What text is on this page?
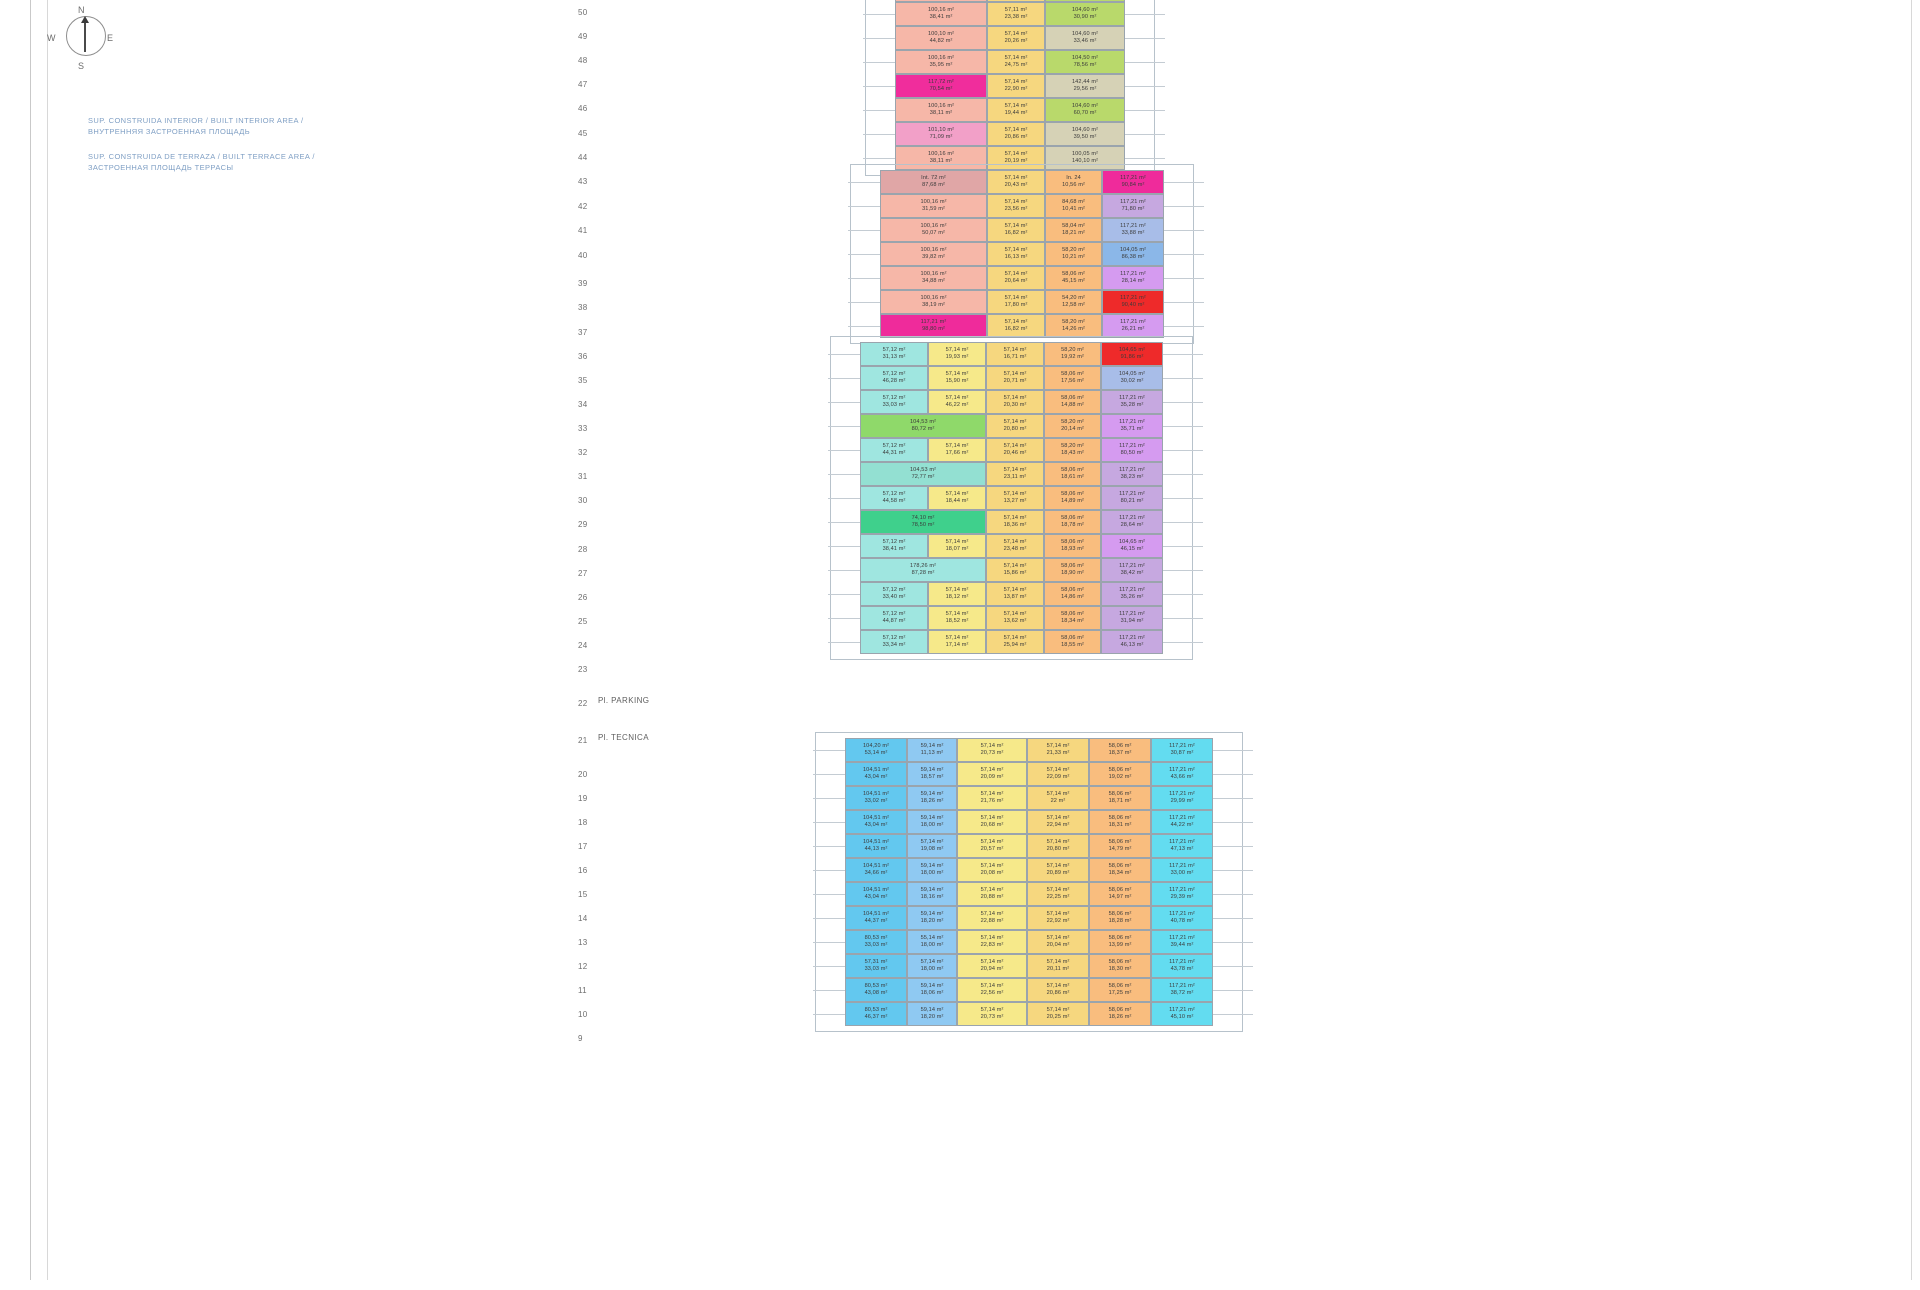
N
S
W	E
SUP. CONSTRUIDA INTERIOR / BUILT INTERIOR AREA /
ВНУТРЕННЯЯ ЗАСТРОЕННАЯ ПЛОЩАДЬ
SUP. CONSTRUIDA DE TERRAZA / BUILT TERRACE AREA /
ЗАСТРОЕННАЯ ПЛОЩАДЬ ТЕРРАСЫ
50
49
48
47
46
45
44
43
42
41
40
39
38
37
36
35
34
33
32
31
30
29
28
27
26
25
24
23
22
21
20
19
18
17
16
15
14
13
12
11
10
9
Pl. PARKING
Pl. TECNICA
100,16 m²
38,41 m²
57,11 m²
23,38 m²
104,60 m²
30,90 m²
100,10 m²
44,82 m²
57,14 m²
20,26 m²
104,60 m²
33,46 m²
100,16 m²
35,95 m²
57,14 m²
24,75 m²
104,50 m²
78,56 m²
117,72 m²
70,54 m²
57,14 m²
22,90 m²
142,44 m²
29,56 m²
100,16 m²
38,11 m²
57,14 m²
19,44 m²
104,60 m²
60,70 m²
101,10 m²
71,09 m²
57,14 m²
20,86 m²
104,60 m²
39,50 m²
100,16 m²
38,11 m²
57,14 m²
20,19 m²
100,05 m²
140,10 m²
Int. 72 m²
87,68 m²
57,14 m²
20,43 m²
In. 24
10,56 m²
117,21 m²
90,84 m²
100,16 m²
31,59 m²
57,14 m²
23,56 m²
84,68 m²
10,41 m²
117,21 m²
71,80 m²
100,16 m²
50,07 m²
57,14 m²
16,82 m²
58,04 m²
18,21 m²
117,21 m²
33,88 m²
100,16 m²
39,82 m²
57,14 m²
16,13 m²
58,20 m²
10,21 m²
104,05 m²
86,38 m²
100,16 m²
34,88 m²
57,14 m²
20,64 m²
58,06 m²
45,15 m²
117,21 m²
28,14 m²
100,16 m²
38,19 m²
57,14 m²
17,80 m²
54,20 m²
12,58 m²
117,21 m²
90,40 m²
117,21 m²
98,80 m²
57,14 m²
16,82 m²
58,20 m²
14,26 m²
117,21 m²
26,21 m²
57,12 m²
31,13 m²
57,14 m²
19,93 m²
57,14 m²
16,71 m²
58,20 m²
19,92 m²
104,65 m²
91,86 m²
57,12 m²
46,28 m²
57,14 m²
15,90 m²
57,14 m²
20,71 m²
58,06 m²
17,56 m²
104,05 m²
30,02 m²
57,12 m²
33,03 m²
57,14 m²
46,22 m²
57,14 m²
20,30 m²
58,06 m²
14,88 m²
117,21 m²
35,28 m²
104,53 m²
80,72 m²
57,14 m²
20,80 m²
58,20 m²
20,14 m²
117,21 m²
35,71 m²
57,12 m²
44,31 m²
57,14 m²
17,66 m²
57,14 m²
20,46 m²
58,20 m²
18,43 m²
117,21 m²
80,50 m²
104,53 m²
72,77 m²
57,14 m²
23,11 m²
58,06 m²
18,61 m²
117,21 m²
38,23 m²
57,12 m²
44,58 m²
57,14 m²
18,44 m²
57,14 m²
13,27 m²
58,06 m²
14,89 m²
117,21 m²
80,21 m²
74,10 m²
78,50 m²
57,14 m²
18,36 m²
58,06 m²
18,78 m²
117,21 m²
28,64 m²
57,12 m²
38,41 m²
57,14 m²
18,07 m²
57,14 m²
23,48 m²
58,06 m²
18,93 m²
104,65 m²
46,15 m²
178,26 m²
87,28 m²
57,14 m²
15,86 m²
58,06 m²
18,90 m²
117,21 m²
38,42 m²
57,12 m²
33,40 m²
57,14 m²
18,12 m²
57,14 m²
13,87 m²
58,06 m²
14,86 m²
117,21 m²
35,26 m²
57,12 m²
44,87 m²
57,14 m²
18,52 m²
57,14 m²
13,62 m²
58,06 m²
18,34 m²
117,21 m²
31,94 m²
57,12 m²
33,34 m²
57,14 m²
17,14 m²
57,14 m²
25,94 m²
58,06 m²
18,55 m²
117,21 m²
46,13 m²
104,20 m²
53,14 m²
59,14 m²
11,13 m²
57,14 m²
20,73 m²
57,14 m²
21,33 m²
58,06 m²
18,37 m²
117,21 m²
30,87 m²
104,51 m²
43,04 m²
59,14 m²
18,57 m²
57,14 m²
20,09 m²
57,14 m²
22,09 m²
58,06 m²
19,02 m²
117,21 m²
43,66 m²
104,51 m²
33,02 m²
59,14 m²
18,26 m²
57,14 m²
21,76 m²
57,14 m²
22 m²
58,06 m²
18,71 m²
117,21 m²
29,99 m²
104,51 m²
43,04 m²
59,14 m²
18,00 m²
57,14 m²
20,68 m²
57,14 m²
22,94 m²
58,06 m²
18,31 m²
117,21 m²
44,22 m²
104,51 m²
44,13 m²
57,14 m²
19,08 m²
57,14 m²
20,57 m²
57,14 m²
20,80 m²
58,06 m²
14,79 m²
117,21 m²
47,13 m²
104,51 m²
34,66 m²
59,14 m²
18,00 m²
57,14 m²
20,08 m²
57,14 m²
20,89 m²
58,06 m²
18,34 m²
117,21 m²
33,00 m²
104,51 m²
43,04 m²
59,14 m²
18,16 m²
57,14 m²
20,88 m²
57,14 m²
22,25 m²
58,06 m²
14,97 m²
117,21 m²
29,39 m²
104,51 m²
44,37 m²
59,14 m²
18,20 m²
57,14 m²
22,88 m²
57,14 m²
22,92 m²
58,06 m²
18,28 m²
117,21 m²
40,78 m²
80,53 m²
33,03 m²
55,14 m²
18,00 m²
57,14 m²
22,83 m²
57,14 m²
20,04 m²
58,06 m²
13,99 m²
117,21 m²
39,44 m²
57,31 m²
33,03 m²
57,14 m²
18,00 m²
57,14 m²
20,94 m²
57,14 m²
20,11 m²
58,06 m²
18,30 m²
117,21 m²
43,78 m²
80,53 m²
43,08 m²
59,14 m²
18,06 m²
57,14 m²
22,56 m²
57,14 m²
20,86 m²
58,06 m²
17,25 m²
117,21 m²
38,72 m²
80,53 m²
46,37 m²
59,14 m²
18,20 m²
57,14 m²
20,73 m²
57,14 m²
20,25 m²
58,06 m²
18,26 m²
117,21 m²
45,10 m²
